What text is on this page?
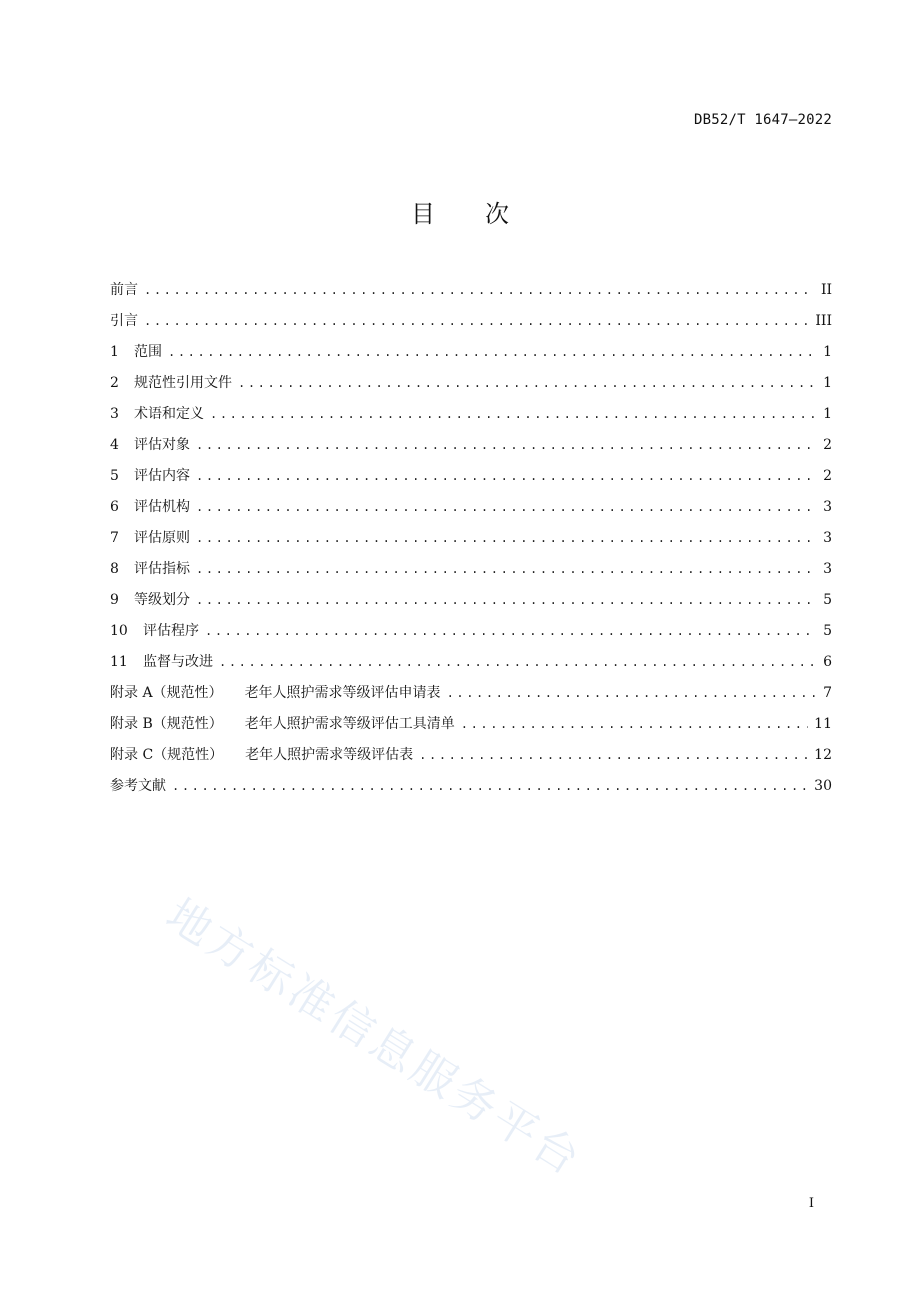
DB52/T 1647—2022
目 次
前言 .....	II
引言 .....	III
1	范围 .....	1
2	规范性引用文件 .....	1
3	术语和定义 .....	1
4	评估对象 .....	2
5	评估内容 .....	2
6	评估机构 .....	3
7	评估原则 .....	3
8	评估指标 .....	3
9	等级划分 .....	5
10	评估程序 .....	5
11	监督与改进 .....	6
附录 A（规范性） 老年人照护需求等级评估申请表 .....	7
附录 B（规范性） 老年人照护需求等级评估工具清单 .....	11
附录 C（规范性） 老年人照护需求等级评估表 .....	12
参考文献 .....	30
地方标准信息服务平台
I
